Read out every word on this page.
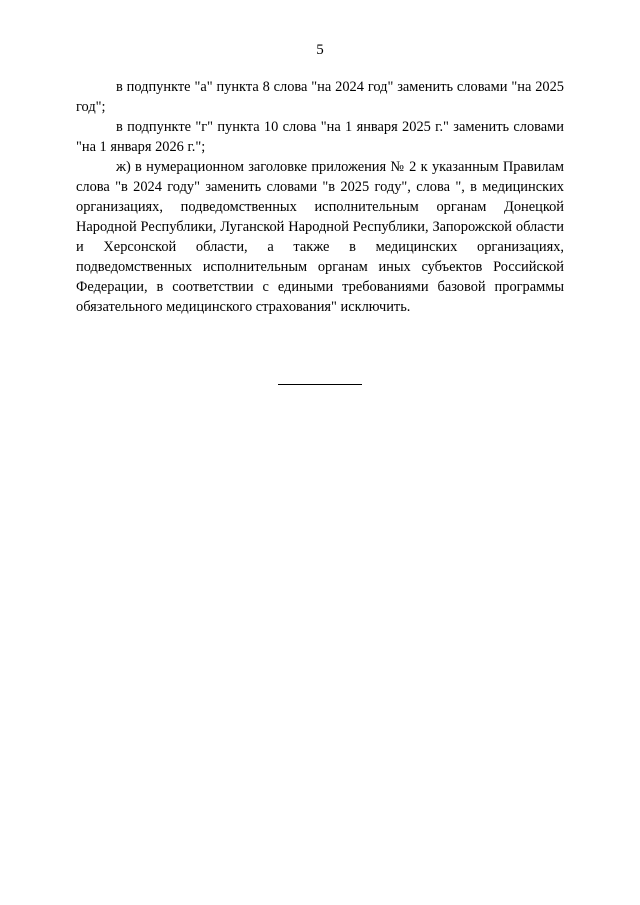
5

в подпункте "а" пункта 8 слова "на 2024 год" заменить словами "на 2025 год";

в подпункте "г" пункта 10 слова "на 1 января 2025 г." заменить словами "на 1 января 2026 г.";

ж) в нумерационном заголовке приложения № 2 к указанным Правилам слова "в 2024 году" заменить словами "в 2025 году", слова ", в медицинских организациях, подведомственных исполнительным органам Донецкой Народной Республики, Луганской Народной Республики, Запорожской области и Херсонской области, а также в медицинских организациях, подведомственных исполнительным органам иных субъектов Российской Федерации, в соответствии с едиными требованиями базовой программы обязательного медицинского страхования" исключить.
